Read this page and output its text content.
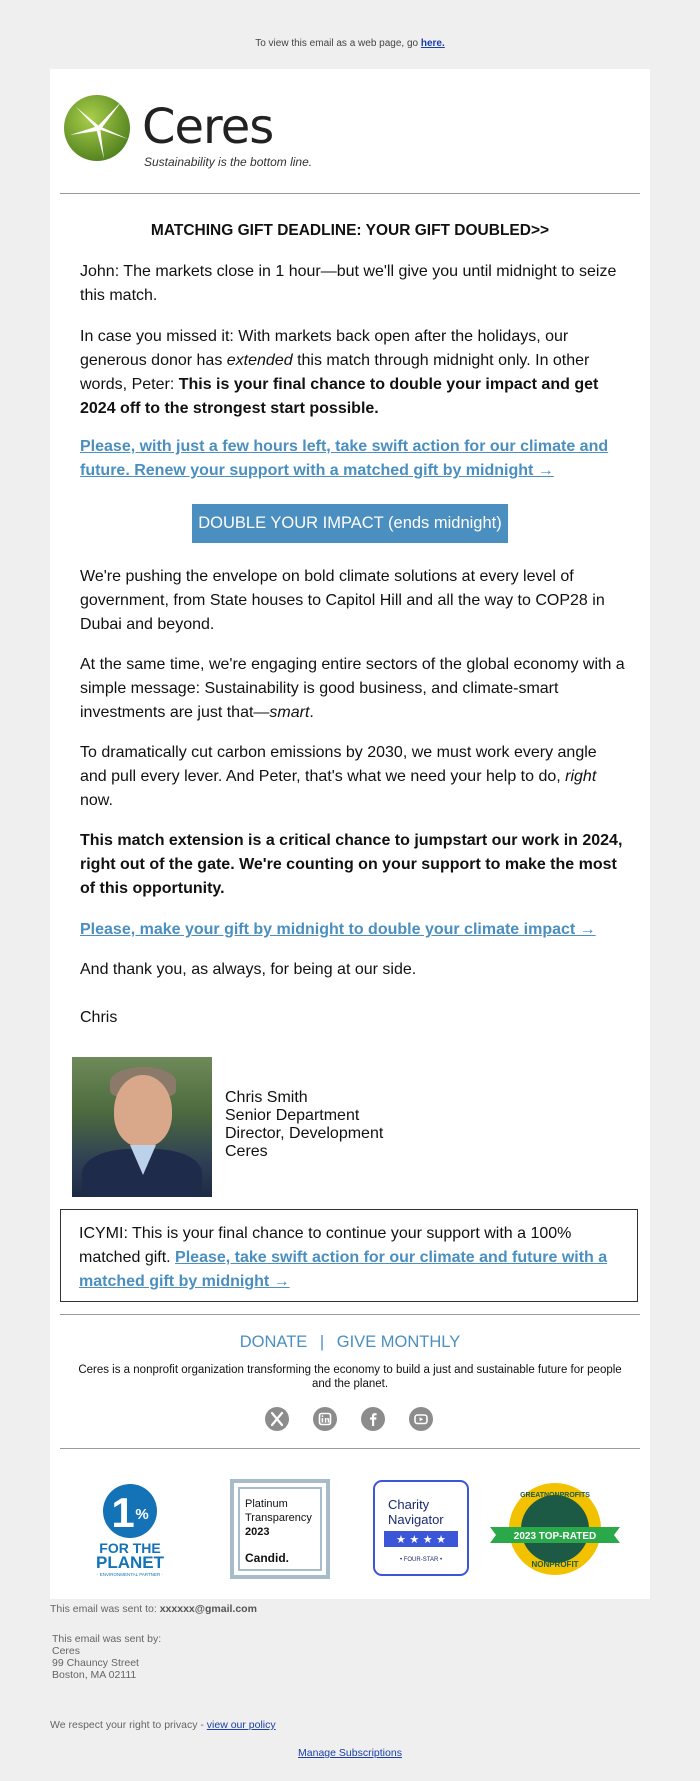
To view this email as a web page, go here.
Ceres
Sustainability is the bottom line.
MATCHING GIFT DEADLINE: YOUR GIFT DOUBLED>>

John: The markets close in 1 hour—but we'll give you until midnight to seize this match.

In case you missed it: With markets back open after the holidays, our generous donor has extended this match through midnight only. In other words, Peter: This is your final chance to double your impact and get 2024 off to the strongest start possible.

Please, with just a few hours left, take swift action for our climate and future. Renew your support with a matched gift by midnight →

DOUBLE YOUR IMPACT (ends midnight)

We're pushing the envelope on bold climate solutions at every level of government, from State houses to Capitol Hill and all the way to COP28 in Dubai and beyond.

At the same time, we're engaging entire sectors of the global economy with a simple message: Sustainability is good business, and climate-smart investments are just that—smart.

To dramatically cut carbon emissions by 2030, we must work every angle and pull every lever. And Peter, that's what we need your help to do, right now.

This match extension is a critical chance to jumpstart our work in 2024, right out of the gate. We're counting on your support to make the most of this opportunity.

Please, make your gift by midnight to double your climate impact →

And thank you, as always, for being at our side.

Chris

Chris Smith
Senior Department
Director, Development
Ceres

ICYMI: This is your final chance to continue your support with a 100% matched gift. Please, take swift action for our climate and future with a matched gift by midnight →

DONATE | GIVE MONTHLY
Ceres is a nonprofit organization transforming the economy to build a just and sustainable future for people and the planet.
1 %
FOR THE
PLANET
· ENVIRONMENTAL PARTNER ·
Platinum
Transparency
2023
Candid.
Charity
Navigator
★ ★ ★ ★
• FOUR-STAR •
2023 TOP-RATED
GREATNONPROFITS
NONPROFIT
This email was sent to: xxxxxx@gmail.com
This email was sent by:
Ceres
99 Chauncy Street
Boston, MA 02111
We respect your right to privacy - view our policy
Manage Subscriptions
